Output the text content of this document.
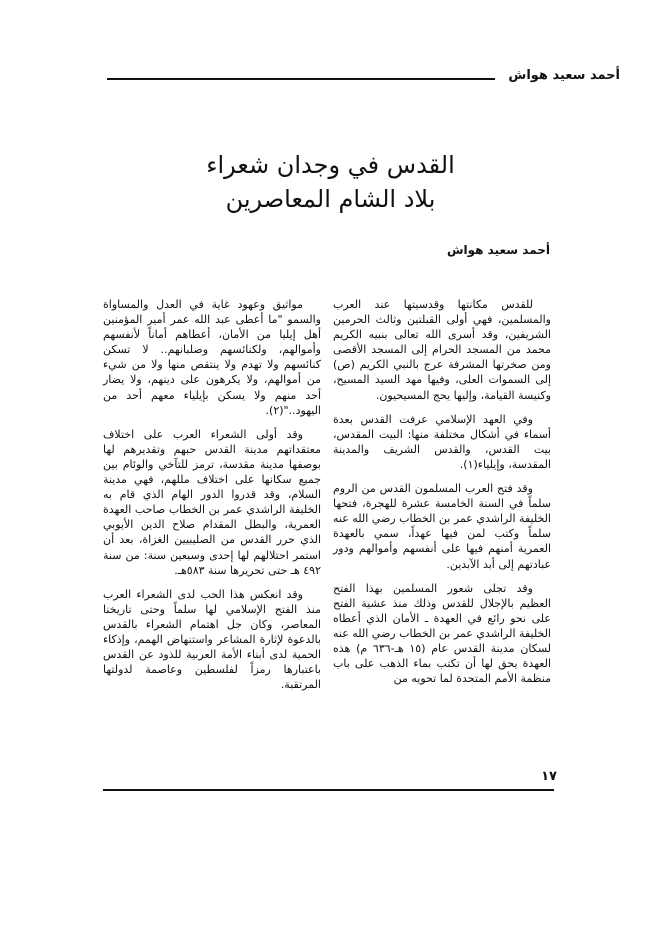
أحمد سعيد هواش
القدس في وجدان شعراء
بلاد الشام المعاصرين
أحمد سعيد هواش

للقدس مكانتها وقدسيتها عند العرب والمسلمين، فهي أولى القبلتين وثالث الحرمين الشريفين، وقد أسرى الله تعالى بنبيه الكريم محمد من المسجد الحرام إلى المسجد الأقصى ومن صخرتها المشرفة عرج بالنبي الكريم (ص) إلى السموات العلى، وفيها مهد السيد المسيح، وكنيسة القيامة، وإليها يحج المسيحيون.

وفي العهد الإسلامي عرفت القدس بعدة أسماء في أشكال مختلفة منها: البيت المقدس، بيت القدس، والقدس الشريف والمدينة المقدسة، وإيلياء(١).

وقد فتح العرب المسلمون القدس من الروم سلماً في السنة الخامسة عشرة للهجرة، فتحها الخليفة الراشدي عمر بن الخطاب رضي الله عنه سلماً وكتب لمن فيها عهداً، سمي بالعهدة العمرية أمنهم فيها على أنفسهم وأموالهم ودور عبادتهم إلى أبد الآبدين.

وقد تجلى شعور المسلمين بهذا الفتح العظيم بالإجلال للقدس وذلك منذ عشية الفتح على نحو رائع في العهدة ـ الأمان الذي أعطاه الخليفة الراشدي عمر بن الخطاب رضي الله عنه لسكان مدينة القدس عام (١٥ هـ-٦٣٦ م) هذه العهدة يحق لها أن تكتب بماء الذهب على باب منظمة الأمم المتحدة لما تحويه من

مواثيق وعهود غاية في العدل والمساواة والسمو "ما أعطى عبد الله عمر أمير المؤمنين أهل إيليا من الأمان، أعطاهم أماناً لأنفسهم وأموالهم، ولكنائسهم وصلبانهم.. لا تسكن كنائسهم ولا تهدم ولا ينتقص منها ولا من شيء من أموالهم، ولا يكرهون على دينهم، ولا يضار أحد منهم ولا يسكن بإيلياء معهم أحد من اليهود.."(٢).

وقد أولى الشعراء العرب على اختلاف معتقداتهم مدينة القدس حبهم وتقديرهم لها بوصفها مدينة مقدسة، ترمز للتآخي والوئام بين جميع سكانها على اختلاف مللهم، فهي مدينة السلام، وقد قدروا الدور الهام الذي قام به الخليفة الراشدي عمر بن الخطاب صاحب العهدة العمرية، والبطل المقدام صلاح الدين الأيوبي الذي حرر القدس من الصليبيين الغزاة، بعد أن استمر احتلالهم لها إحدى وسبعين سنة: من سنة ٤٩٢ هـ حتى تحريرها سنة ٥٨٣هـ.

وقد انعكس هذا الحب لدى الشعراء العرب منذ الفتح الإسلامي لها سلماً وحتى تاريخنا المعاصر، وكان جل اهتمام الشعراء بالقدس بالدعوة لإثارة المشاعر واستنهاض الهمم، وإذكاء الحمية لدى أبناء الأمة العربية للذود عن القدس باعتبارها رمزاً لفلسطين وعاصمة لدولتها المرتقبة.

١٧
